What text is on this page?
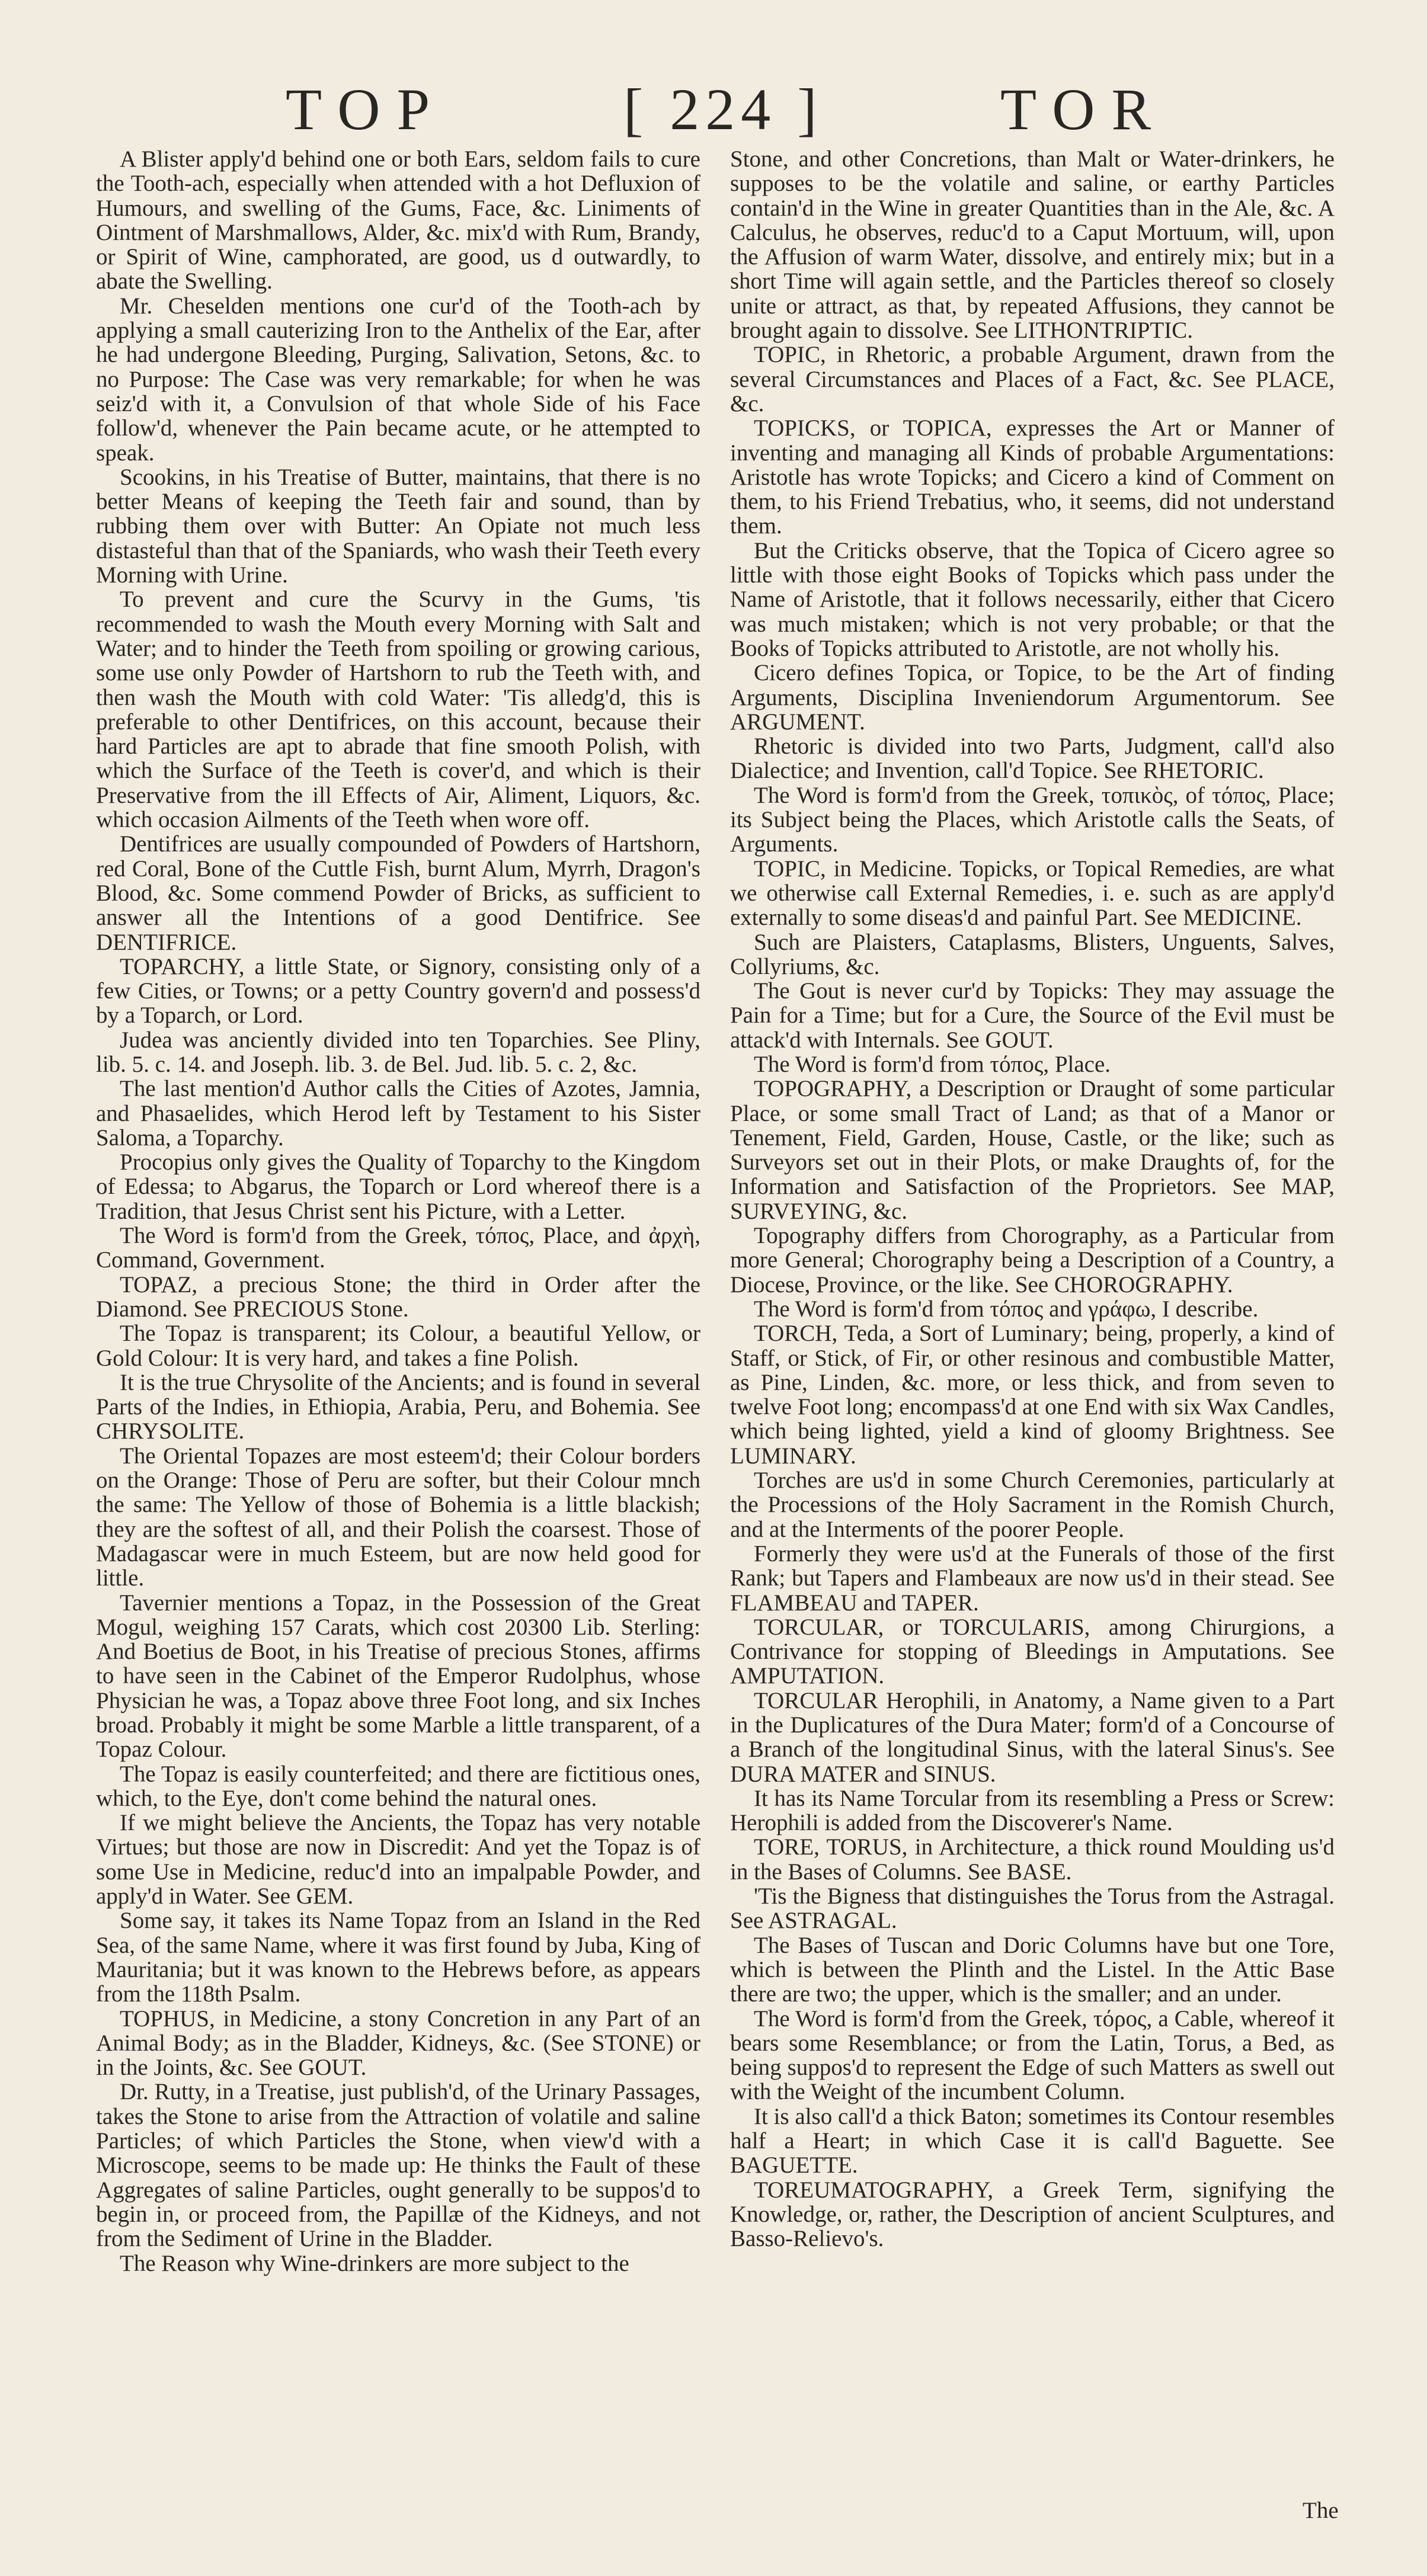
TOP	[ 224 ]	TOR

A Blister apply'd behind one or both Ears, seldom fails to cure the Tooth-ach, especially when attended with a hot Defluxion of Humours, and swelling of the Gums, Face, &c. Liniments of Ointment of Marshmallows, Alder, &c. mix'd with Rum, Brandy, or Spirit of Wine, camphorated, are good, us d outwardly, to abate the Swelling.

Mr. Cheselden mentions one cur'd of the Tooth-ach by applying a small cauterizing Iron to the Anthelix of the Ear, after he had undergone Bleeding, Purging, Salivation, Setons, &c. to no Purpose: The Case was very remarkable; for when he was seiz'd with it, a Convulsion of that whole Side of his Face follow'd, whenever the Pain became acute, or he attempted to speak.

Scookins, in his Treatise of Butter, maintains, that there is no better Means of keeping the Teeth fair and sound, than by rubbing them over with Butter: An Opiate not much less distasteful than that of the Spaniards, who wash their Teeth every Morning with Urine.

To prevent and cure the Scurvy in the Gums, 'tis recommended to wash the Mouth every Morning with Salt and Water; and to hinder the Teeth from spoiling or growing carious, some use only Powder of Hartshorn to rub the Teeth with, and then wash the Mouth with cold Water: 'Tis alledg'd, this is preferable to other Dentifrices, on this account, because their hard Particles are apt to abrade that fine smooth Polish, with which the Surface of the Teeth is cover'd, and which is their Preservative from the ill Effects of Air, Aliment, Liquors, &c. which occasion Ailments of the Teeth when wore off.

Dentifrices are usually compounded of Powders of Hartshorn, red Coral, Bone of the Cuttle Fish, burnt Alum, Myrrh, Dragon's Blood, &c. Some commend Powder of Bricks, as sufficient to answer all the Intentions of a good Dentifrice. See DENTIFRICE.

TOPARCHY, a little State, or Signory, consisting only of a few Cities, or Towns; or a petty Country govern'd and possess'd by a Toparch, or Lord.

Judea was anciently divided into ten Toparchies. See Pliny, lib. 5. c. 14. and Joseph. lib. 3. de Bel. Jud. lib. 5. c. 2, &c.

The last mention'd Author calls the Cities of Azotes, Jamnia, and Phasaelides, which Herod left by Testament to his Sister Saloma, a Toparchy.

Procopius only gives the Quality of Toparchy to the Kingdom of Edessa; to Abgarus, the Toparch or Lord whereof there is a Tradition, that Jesus Christ sent his Picture, with a Letter.

The Word is form'd from the Greek, τόπος, Place, and ἀρχὴ, Command, Government.

TOPAZ, a precious Stone; the third in Order after the Diamond. See PRECIOUS Stone.

The Topaz is transparent; its Colour, a beautiful Yellow, or Gold Colour: It is very hard, and takes a fine Polish.

It is the true Chrysolite of the Ancients; and is found in several Parts of the Indies, in Ethiopia, Arabia, Peru, and Bohemia. See CHRYSOLITE.

The Oriental Topazes are most esteem'd; their Colour borders on the Orange: Those of Peru are softer, but their Colour mnch the same: The Yellow of those of Bohemia is a little blackish; they are the softest of all, and their Polish the coarsest. Those of Madagascar were in much Esteem, but are now held good for little.

Tavernier mentions a Topaz, in the Possession of the Great Mogul, weighing 157 Carats, which cost 20300 Lib. Sterling: And Boetius de Boot, in his Treatise of precious Stones, affirms to have seen in the Cabinet of the Emperor Rudolphus, whose Physician he was, a Topaz above three Foot long, and six Inches broad. Probably it might be some Marble a little transparent, of a Topaz Colour.

The Topaz is easily counterfeited; and there are fictitious ones, which, to the Eye, don't come behind the natural ones.

If we might believe the Ancients, the Topaz has very notable Virtues; but those are now in Discredit: And yet the Topaz is of some Use in Medicine, reduc'd into an impalpable Powder, and apply'd in Water. See GEM.

Some say, it takes its Name Topaz from an Island in the Red Sea, of the same Name, where it was first found by Juba, King of Mauritania; but it was known to the Hebrews before, as appears from the 118th Psalm.

TOPHUS, in Medicine, a stony Concretion in any Part of an Animal Body; as in the Bladder, Kidneys, &c. (See STONE) or in the Joints, &c. See GOUT.

Dr. Rutty, in a Treatise, just publish'd, of the Urinary Passages, takes the Stone to arise from the Attraction of volatile and saline Particles; of which Particles the Stone, when view'd with a Microscope, seems to be made up: He thinks the Fault of these Aggregates of saline Particles, ought generally to be suppos'd to begin in, or proceed from, the Papillæ of the Kidneys, and not from the Sediment of Urine in the Bladder.

The Reason why Wine-drinkers are more subject to the

Stone, and other Concretions, than Malt or Water-drinkers, he supposes to be the volatile and saline, or earthy Particles contain'd in the Wine in greater Quantities than in the Ale, &c. A Calculus, he observes, reduc'd to a Caput Mortuum, will, upon the Affusion of warm Water, dissolve, and entirely mix; but in a short Time will again settle, and the Particles thereof so closely unite or attract, as that, by repeated Affusions, they cannot be brought again to dissolve. See LITHONTRIPTIC.

TOPIC, in Rhetoric, a probable Argument, drawn from the several Circumstances and Places of a Fact, &c. See PLACE, &c.

TOPICKS, or TOPICA, expresses the Art or Manner of inventing and managing all Kinds of probable Argumentations: Aristotle has wrote Topicks; and Cicero a kind of Comment on them, to his Friend Trebatius, who, it seems, did not understand them.

But the Criticks observe, that the Topica of Cicero agree so little with those eight Books of Topicks which pass under the Name of Aristotle, that it follows necessarily, either that Cicero was much mistaken; which is not very probable; or that the Books of Topicks attributed to Aristotle, are not wholly his.

Cicero defines Topica, or Topice, to be the Art of finding Arguments, Disciplina Inveniendorum Argumentorum. See ARGUMENT.

Rhetoric is divided into two Parts, Judgment, call'd also Dialectice; and Invention, call'd Topice. See RHETORIC.

The Word is form'd from the Greek, τοπικὸς, of τόπος, Place; its Subject being the Places, which Aristotle calls the Seats, of Arguments.

TOPIC, in Medicine. Topicks, or Topical Remedies, are what we otherwise call External Remedies, i. e. such as are apply'd externally to some diseas'd and painful Part. See MEDICINE.

Such are Plaisters, Cataplasms, Blisters, Unguents, Salves, Collyriums, &c.

The Gout is never cur'd by Topicks: They may assuage the Pain for a Time; but for a Cure, the Source of the Evil must be attack'd with Internals. See GOUT.

The Word is form'd from τόπος, Place.

TOPOGRAPHY, a Description or Draught of some particular Place, or some small Tract of Land; as that of a Manor or Tenement, Field, Garden, House, Castle, or the like; such as Surveyors set out in their Plots, or make Draughts of, for the Information and Satisfaction of the Proprietors. See MAP, SURVEYING, &c.

Topography differs from Chorography, as a Particular from more General; Chorography being a Description of a Country, a Diocese, Province, or the like. See CHOROGRAPHY.

The Word is form'd from τόπος and γράφω, I describe.

TORCH, Teda, a Sort of Luminary; being, properly, a kind of Staff, or Stick, of Fir, or other resinous and combustible Matter, as Pine, Linden, &c. more, or less thick, and from seven to twelve Foot long; encompass'd at one End with six Wax Candles, which being lighted, yield a kind of gloomy Brightness. See LUMINARY.

Torches are us'd in some Church Ceremonies, particularly at the Processions of the Holy Sacrament in the Romish Church, and at the Interments of the poorer People.

Formerly they were us'd at the Funerals of those of the first Rank; but Tapers and Flambeaux are now us'd in their stead. See FLAMBEAU and TAPER.

TORCULAR, or TORCULARIS, among Chirurgions, a Contrivance for stopping of Bleedings in Amputations. See AMPUTATION.

TORCULAR Herophili, in Anatomy, a Name given to a Part in the Duplicatures of the Dura Mater; form'd of a Concourse of a Branch of the longitudinal Sinus, with the lateral Sinus's. See DURA MATER and SINUS.

It has its Name Torcular from its resembling a Press or Screw: Herophili is added from the Discoverer's Name.

TORE, TORUS, in Architecture, a thick round Moulding us'd in the Bases of Columns. See BASE.

'Tis the Bigness that distinguishes the Torus from the Astragal. See ASTRAGAL.

The Bases of Tuscan and Doric Columns have but one Tore, which is between the Plinth and the Listel. In the Attic Base there are two; the upper, which is the smaller; and an under.

The Word is form'd from the Greek, τόρος, a Cable, whereof it bears some Resemblance; or from the Latin, Torus, a Bed, as being suppos'd to represent the Edge of such Matters as swell out with the Weight of the incumbent Column.

It is also call'd a thick Baton; sometimes its Contour resembles half a Heart; in which Case it is call'd Baguette. See BAGUETTE.

TOREUMATOGRAPHY, a Greek Term, signifying the Knowledge, or, rather, the Description of ancient Sculptures, and Basso-Relievo's.

The
